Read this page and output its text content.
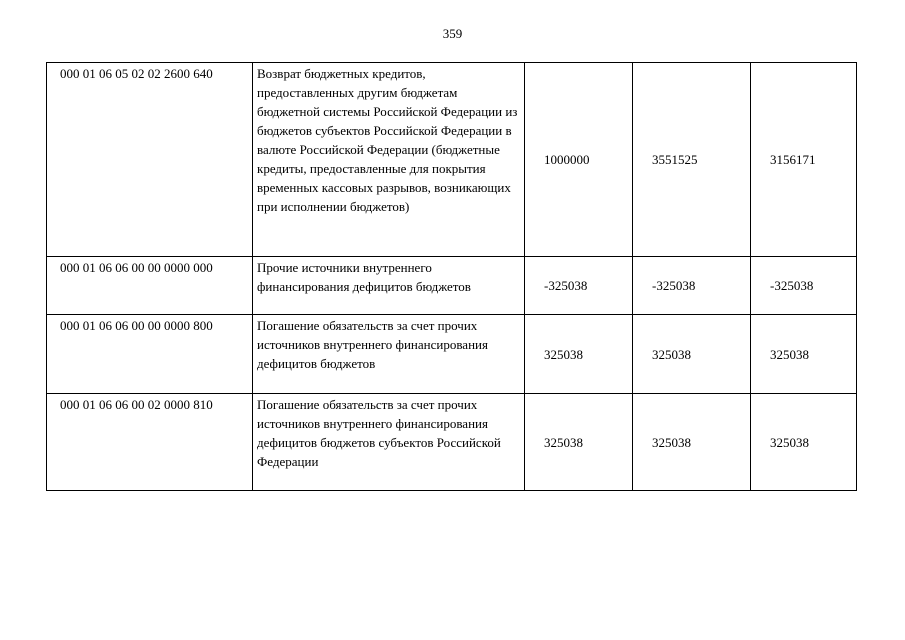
359
000 01 06 05 02 02 2600 640	Возврат бюджетных кредитов, предоставленных другим бюджетам бюджетной системы Российской Федерации из бюджетов субъектов Российской Федерации в валюте Российской Федерации (бюджетные кредиты, предоставленные для покрытия временных кассовых разрывов, возникающих при исполнении бюджетов)	1000000	3551525	3156171
000 01 06 06 00 00 0000 000	Прочие источники внутреннего финансирования дефицитов бюджетов	-325038	-325038	-325038
000 01 06 06 00 00 0000 800	Погашение обязательств за счет прочих источников внутреннего финансирования дефицитов бюджетов	325038	325038	325038
000 01 06 06 00 02 0000 810	Погашение обязательств за счет прочих источников внутреннего финансирования дефицитов бюджетов субъектов Российской Федерации	325038	325038	325038
